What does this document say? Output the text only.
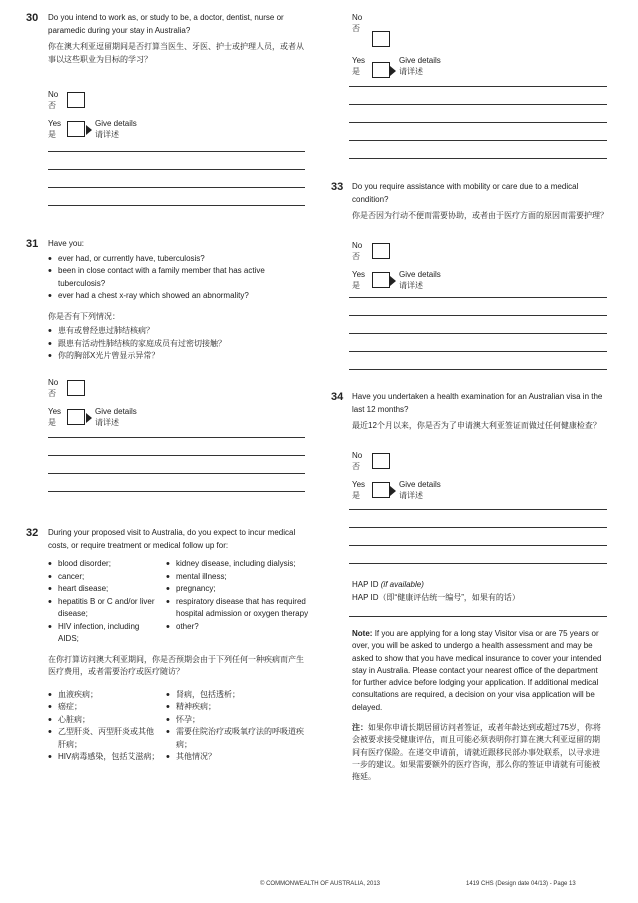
30 Do you intend to work as, or study to be, a doctor, dentist, nurse or paramedic during your stay in Australia?
你在澳大利亚逗留期间是否打算当医生、牙医、护士或护理人员，或者从事以这些职业为目标的学习？
No
否
Yes
是
Give details
请详述
31 Have you:
• ever had, or currently have, tuberculosis?
• been in close contact with a family member that has active tuberculosis?
• ever had a chest x-ray which showed an abnormality?
你是否有下列情况：
• 患有或曾经患过肺结核病？
• 跟患有活动性肺结核的家庭成员有过密切接触？
• 你的胸部X光片曾显示异常？
No
否
Yes
是
Give details
请详述
32 During your proposed visit to Australia, do you expect to incur medical costs, or require treatment or medical follow up for:
• blood disorder;
• cancer;
• heart disease;
• hepatitis B or C and/or liver disease;
• HIV infection, including AIDS;
• kidney disease, including dialysis;
• mental illness;
• pregnancy;
• respiratory disease that has required hospital admission or oxygen therapy
• other?
在你打算访问澳大利亚期间，你是否预期会由于下列任何一种疾病而产生医疗费用，或者需要治疗或医疗随访？
• 血液疾病；
• 癌症；
• 心脏病；
• 乙型肝炎、丙型肝炎或其他肝病；
• HIV病毒感染，包括艾滋病；
• 肾病，包括透析；
• 精神疾病；
• 怀孕；
• 需要住院治疗或吸氧疗法的呼吸道疾病；
• 其他情况？
No
否
Yes
是
Give details
请详述
33 Do you require assistance with mobility or care due to a medical condition?
你是否因为行动不便而需要协助，或者由于医疗方面的原因而需要护理？
No
否
Yes
是
Give details
请详述
34 Have you undertaken a health examination for an Australian visa in the last 12 months?
最近12个月以来，你是否为了申请澳大利亚签证而做过任何健康检查？
No
否
Yes
是
Give details
请详述
HAP ID (if available)
HAP ID（即“健康评估统一编号”，如果有的话）
Note: If you are applying for a long stay Visitor visa or are 75 years or over, you will be asked to undergo a health assessment and may be asked to show that you have medical insurance to cover your intended stay in Australia. Please contact your nearest office of the department for further advice before lodging your application. If additional medical consultations are required, a decision on your visa application will be delayed.
注：如果你申请长期居留访问者签证，或者年龄达到或超过75岁，你将会被要求接受健康评估，而且可能必须表明你打算在澳大利亚逗留的期间有医疗保险。在递交申请前，请就近跟移民部办事处联系，以寻求进一步的建议。如果需要额外的医疗咨询，那么你的签证申请就有可能被拖延。
© COMMONWEALTH OF AUSTRALIA, 2013	1419 CHS (Design date 04/13) - Page 13
